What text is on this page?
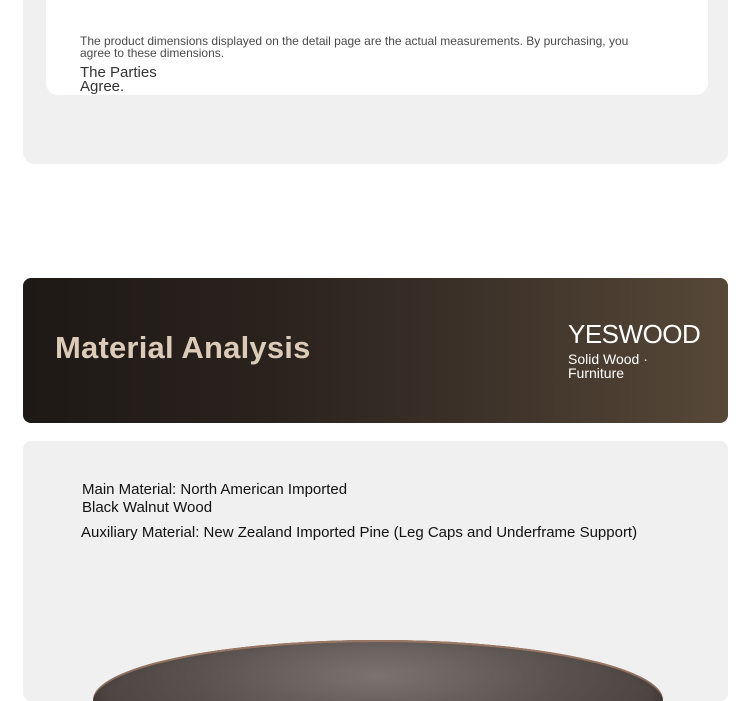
The product dimensions displayed on the detail page are the actual measurements. By purchasing, you agree to these dimensions.

The Parties Agree.

Material Analysis	YESWOOD
Solid Wood · Furniture

Main Material: North American Imported Black Walnut Wood

Auxiliary Material: New Zealand Imported Pine (Leg Caps and Underframe Support)
